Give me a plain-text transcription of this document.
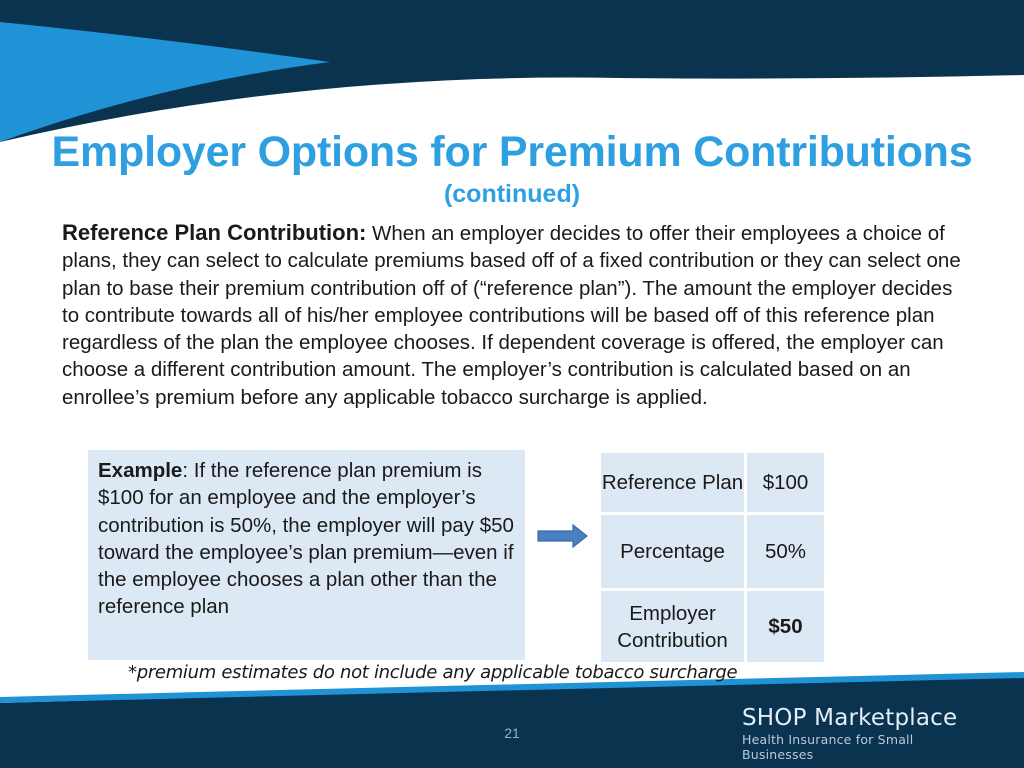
Employer Options for Premium Contributions
(continued)
Reference Plan Contribution: When an employer decides to offer their employees a choice of plans, they can select to calculate premiums based off of a fixed contribution or they can select one plan to base their premium contribution off of (“reference plan”). The amount the employer decides to contribute towards all of his/her employee contributions will be based off of this reference plan regardless of the plan the employee chooses. If dependent coverage is offered, the employer can choose a different contribution amount. The employer’s contribution is calculated based on an enrollee’s premium before any applicable tobacco surcharge is applied.
Example: If the reference plan premium is $100 for an employee and the employer’s contribution is 50%, the employer will pay $50 toward the employee’s plan premium—even if the employee chooses a plan other than the reference plan
Reference Plan	$100
Percentage	50%
Employer Contribution	$50
*premium estimates do not include any applicable tobacco surcharge
21
SHOP Marketplace
Health Insurance for Small Businesses
